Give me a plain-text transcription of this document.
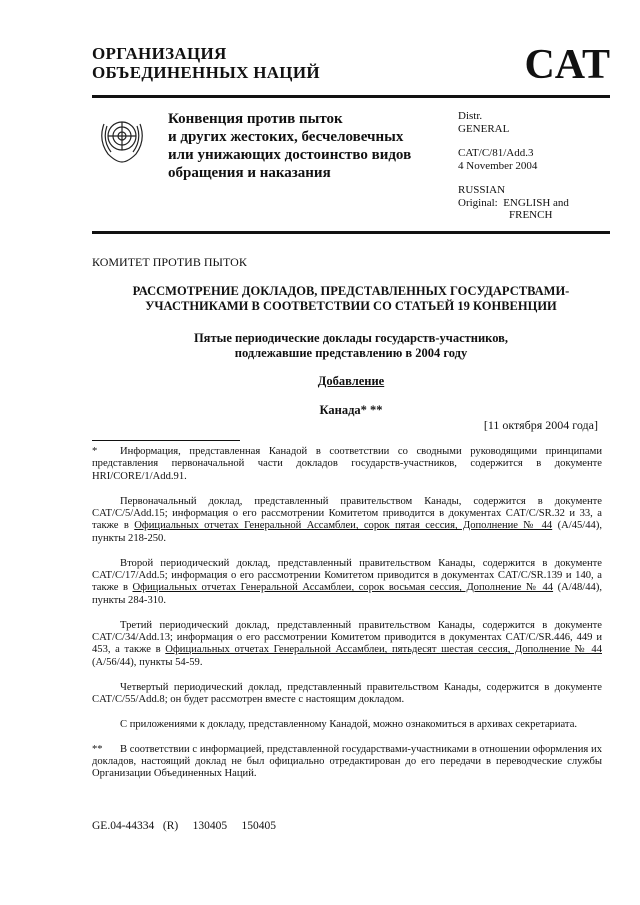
ОРГАНИЗАЦИЯ
ОБЪЕДИНЕННЫХ НАЦИЙ	CAT
Конвенция против пыток
и других жестоких, бесчеловечных
или унижающих достоинство видов
обращения и наказания
Distr.
GENERAL
CAT/C/81/Add.3
4 November 2004
RUSSIAN
Original:  ENGLISH and
FRENCH
КОМИТЕТ ПРОТИВ ПЫТОК
РАССМОТРЕНИЕ ДОКЛАДОВ, ПРЕДСТАВЛЕННЫХ ГОСУДАРСТВАМИ-
УЧАСТНИКАМИ В СООТВЕТСТВИИ СО СТАТЬЕЙ 19 КОНВЕНЦИИ
Пятые периодические доклады государств-участников,
подлежавшие представлению в 2004 году
Добавление
Канада* **
[11 октября 2004 года]

* Информация, представленная Канадой в соответствии со сводными руководящими принципами представления первоначальной части докладов государств-участников, содержится в документе HRI/CORE/1/Add.91.

Первоначальный доклад, представленный правительством Канады, содержится в документе CAT/C/5/Add.15; информация о его рассмотрении Комитетом приводится в документах CAT/C/SR.32 и 33, а также в Официальных отчетах Генеральной Ассамблеи, сорок пятая сессия, Дополнение № 44 (A/45/44), пункты 218-250.

Второй периодический доклад, представленный правительством Канады, содержится в документе CAT/C/17/Add.5; информация о его рассмотрении Комитетом приводится в документах CAT/C/SR.139 и 140, а также в Официальных отчетах Генеральной Ассамблеи, сорок восьмая сессия, Дополнение № 44 (A/48/44), пункты 284-310.

Третий периодический доклад, представленный правительством Канады, содержится в документе CAT/C/34/Add.13; информация о его рассмотрении Комитетом приводится в документах CAT/C/SR.446, 449 и 453, а также в Официальных отчетах Генеральной Ассамблеи, пятьдесят шестая сессия, Дополнение № 44 (A/56/44), пункты 54-59.

Четвертый периодический доклад, представленный правительством Канады, содержится в документе CAT/C/55/Add.8; он будет рассмотрен вместе с настоящим докладом.

С приложениями к докладу, представленному Канадой, можно ознакомиться в архивах секретариата.

** В соответствии с информацией, представленной государствами-участниками в отношении оформления их докладов, настоящий доклад не был официально отредактирован до его передачи в переводческие службы Организации Объединенных Наций.

GE.04-44334   (R)     130405     150405
